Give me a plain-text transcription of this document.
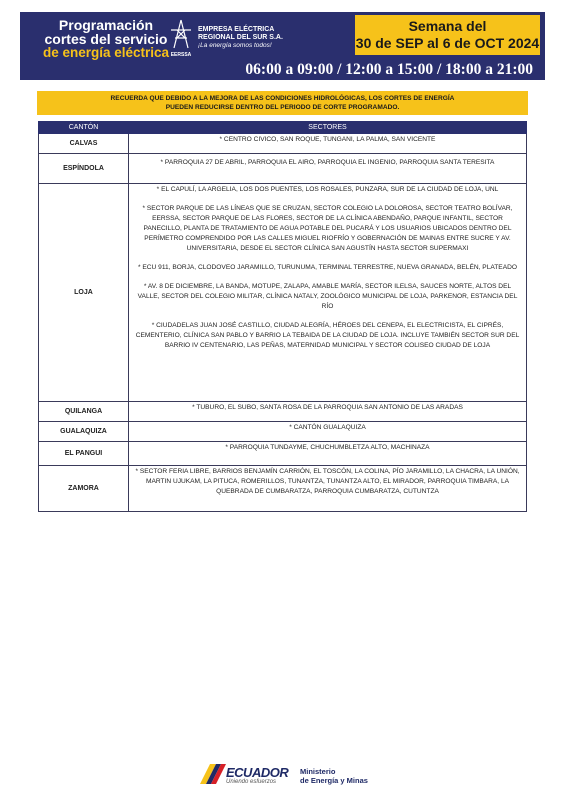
Programación
cortes del servicio
de energía eléctrica EERSSA
EMPRESA ELÉCTRICA
REGIONAL DEL SUR S.A.
¡La energía somos todos!
Semana del
30 de SEP al 6 de OCT 2024
06:00 a 09:00 / 12:00 a 15:00 / 18:00 a 21:00
RECUERDA QUE DEBIDO A LA MEJORA DE LAS CONDICIONES HIDROLÓGICAS, LOS CORTES DE ENERGÍA
PUEDEN REDUCIRSE DENTRO DEL PERIODO DE CORTE PROGRAMADO.
CANTÓN	SECTORES
CALVAS	* CENTRO CIVICO, SAN ROQUE, TUNGANI, LA PALMA, SAN VICENTE

ESPÍNDOLA	* PARROQUIA 27 DE ABRIL, PARROQUIA EL AIRO, PARROQUIA EL INGENIO, PARROQUIA SANTA TERESITA

LOJA	* EL CAPULÍ, LA ARGELIA, LOS DOS PUENTES, LOS ROSALES, PUNZARA, SUR DE LA CIUDAD DE LOJA, UNL
* SECTOR PARQUE DE LAS LÍNEAS QUE SE CRUZAN, SECTOR COLEGIO LA DOLOROSA, SECTOR TEATRO BOLÍVAR, EERSSA, SECTOR PARQUE DE LAS FLORES, SECTOR DE LA CLÍNICA ABENDAÑO, PARQUE INFANTIL, SECTOR PANECILLO, PLANTA DE TRATAMIENTO DE AGUA POTABLE DEL PUCARÁ Y LOS USUARIOS UBICADOS DENTRO DEL PERÍMETRO COMPRENDIDO POR LAS CALLES MIGUEL RIOFRÍO Y GOBERNACIÓN DE MAINAS ENTRE SUCRE Y AV. UNIVERSITARIA, DESDE EL SECTOR CLÍNICA SAN AGUSTÍN HASTA SECTOR SUPERMAXI
* ECU 911, BORJA, CLODOVEO JARAMILLO, TURUNUMA, TERMINAL TERRESTRE, NUEVA GRANADA, BELÉN, PLATEADO
* AV. 8 DE DICIEMBRE, LA BANDA, MOTUPE, ZALAPA, AMABLE MARÍA, SECTOR ILELSA, SAUCES NORTE, ALTOS DEL VALLE, SECTOR DEL COLEGIO MILITAR, CLÍNICA NATALY, ZOOLÓGICO MUNICIPAL DE LOJA, PARKENOR, ESTANCIA DEL RÍO
* CIUDADELAS JUAN JOSÉ CASTILLO, CIUDAD ALEGRÍA, HÉROES DEL CENEPA, EL ELECTRICISTA, EL CIPRÉS, CEMENTERIO, CLÍNICA SAN PABLO Y BARRIO LA TEBAIDA DE LA CIUDAD DE LOJA. INCLUYE TAMBIÉN SECTOR SUR DEL BARRIO IV CENTENARIO, LAS PEÑAS, MATERNIDAD MUNICIPAL Y SECTOR COLISEO CIUDAD DE LOJA

QUILANGA	* TUBURO, EL SUBO, SANTA ROSA DE LA PARROQUIA SAN ANTONIO DE LAS ARADAS

GUALAQUIZA	* CANTÓN GUALAQUIZA

EL PANGUI	* PARROQUIA TUNDAYME, CHUCHUMBLETZA ALTO, MACHINAZA

ZAMORA	* SECTOR FERIA LIBRE, BARRIOS BENJAMÍN CARRIÓN, EL TOSCÓN, LA COLINA, PÍO JARAMILLO, LA CHACRA, LA UNIÓN, MARTIN UJUKAM, LA PITUCA, ROMERILLOS, TUNANTZA, TUNANTZA ALTO, EL MIRADOR, PARROQUIA TIMBARA, LA QUEBRADA DE CUMBARATZA, PARROQUIA CUMBARATZA, CUTUNTZA
ECUADOR
Uniendo esfuerzos
Ministerio
de Energía y Minas
